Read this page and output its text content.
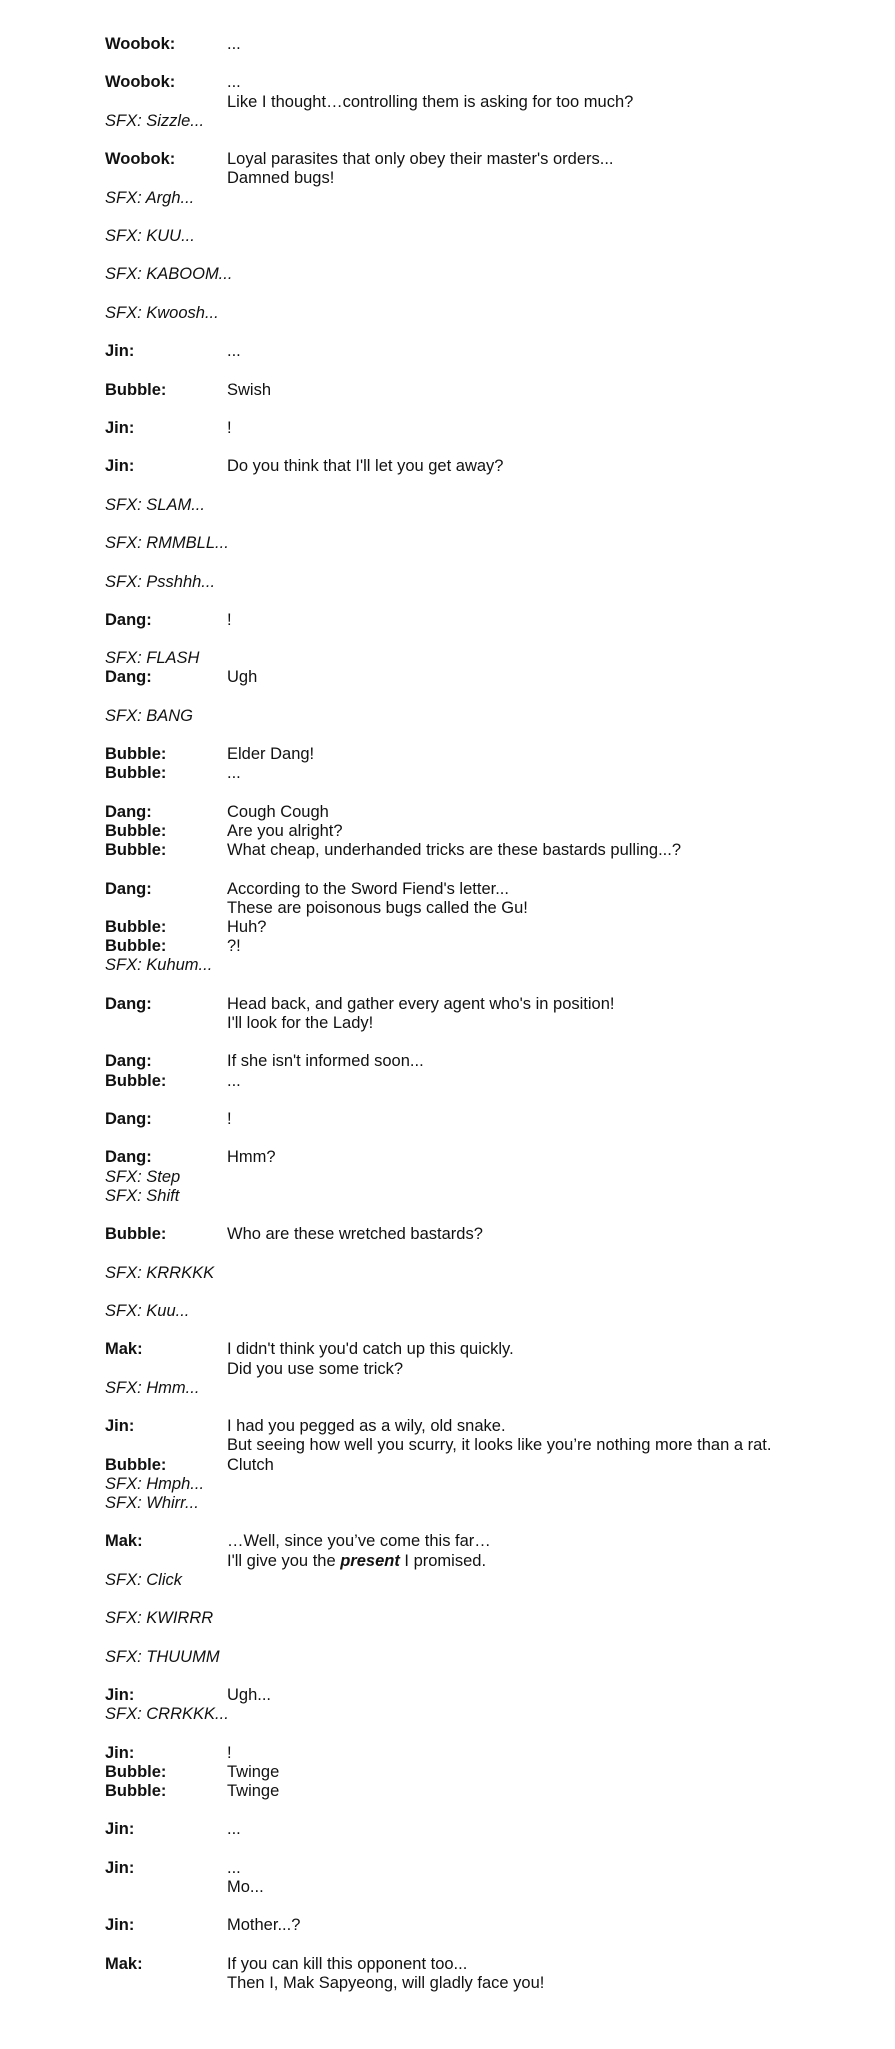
Woobok:	...
Woobok:	...
Like I thought…controlling them is asking for too much?
SFX: Sizzle...
Woobok:	Loyal parasites that only obey their master's orders...
Damned bugs!
SFX: Argh...
SFX: KUU...
SFX: KABOOM...
SFX: Kwoosh...
Jin:	...
Bubble:	Swish
Jin:	!
Jin:	Do you think that I'll let you get away?
SFX: SLAM...
SFX: RMMBLL...
SFX: Psshhh...
Dang:	!
SFX: FLASH
Dang:	Ugh
SFX: BANG
Bubble:	Elder Dang!
Bubble:	...
Dang:	Cough Cough
Bubble:	Are you alright?
Bubble:	What cheap, underhanded tricks are these bastards pulling...?
Dang:	According to the Sword Fiend's letter...
These are poisonous bugs called the Gu!
Bubble:	Huh?
Bubble:	?!
SFX: Kuhum...
Dang:	Head back, and gather every agent who's in position!
I'll look for the Lady!
Dang:	If she isn't informed soon...
Bubble:	...
Dang:	!
Dang:	Hmm?
SFX: Step
SFX: Shift
Bubble:	Who are these wretched bastards?
SFX: KRRKKK
SFX: Kuu...
Mak:	I didn't think you'd catch up this quickly.
Did you use some trick?
SFX: Hmm...
Jin:	I had you pegged as a wily, old snake.
But seeing how well you scurry, it looks like you’re nothing more than a rat.
Bubble:	Clutch
SFX: Hmph...
SFX: Whirr...
Mak:	…Well, since you’ve come this far…
I'll give you the present I promised.
SFX: Click
SFX: KWIRRR
SFX: THUUMM
Jin:	Ugh...
SFX: CRRKKK...
Jin:	!
Bubble:	Twinge
Bubble:	Twinge
Jin:	...
Jin:	...
Mo...
Jin:	Mother...?
Mak:	If you can kill this opponent too...
Then I, Mak Sapyeong, will gladly face you!
